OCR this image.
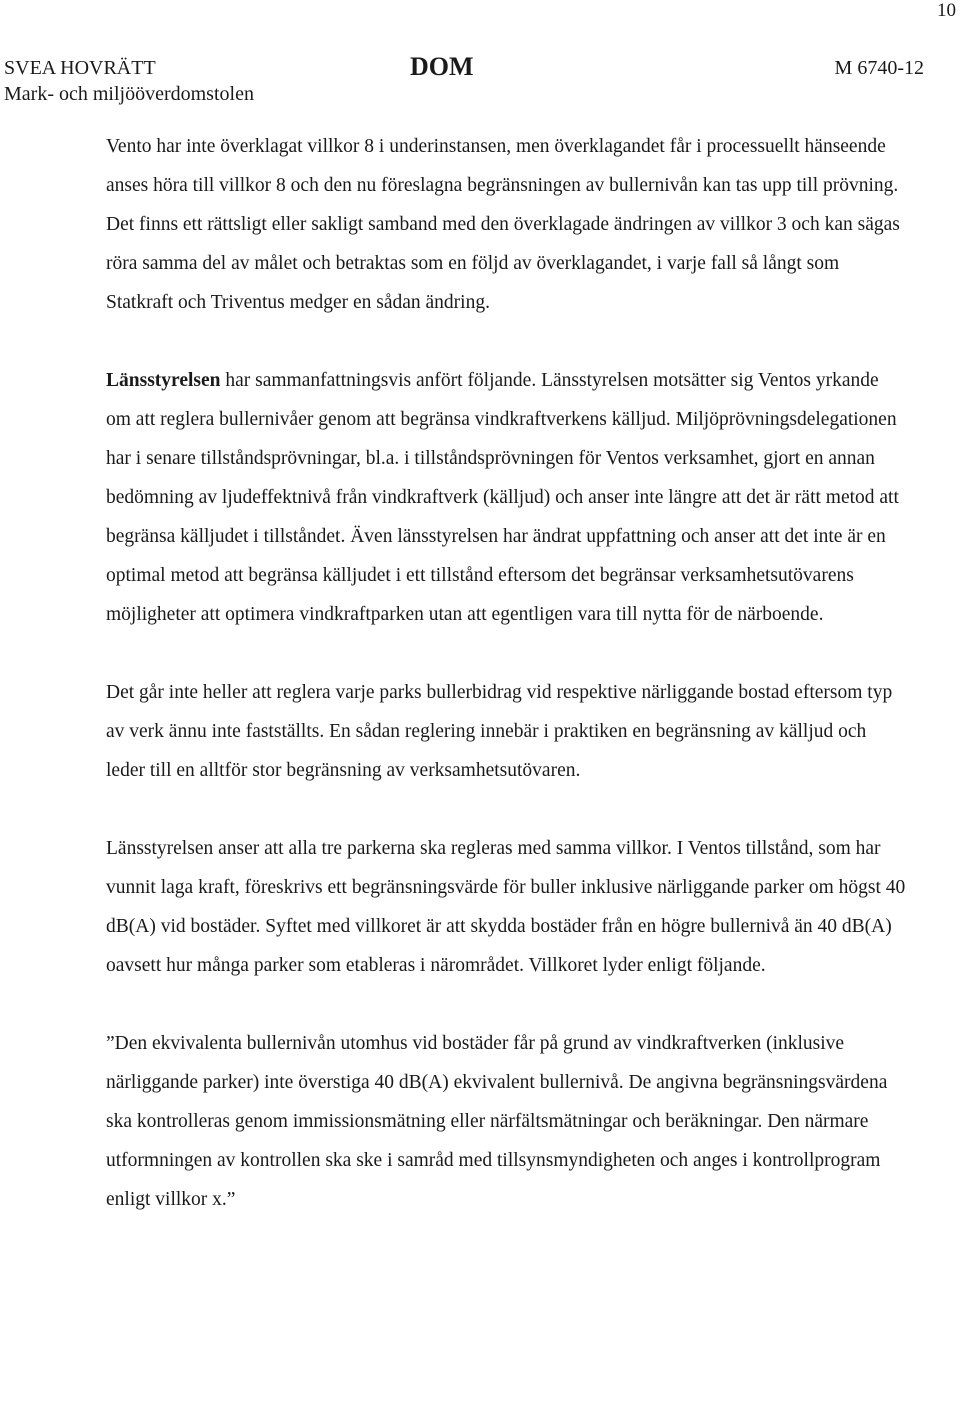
10
SVEA HOVRÄTT
Mark- och miljööverdomstolen
DOM	M 6740-12

Vento har inte överklagat villkor 8 i underinstansen, men överklagandet får i processuellt hänseende anses höra till villkor 8 och den nu föreslagna begränsningen av bullernivån kan tas upp till prövning. Det finns ett rättsligt eller sakligt samband med den överklagade ändringen av villkor 3 och kan sägas röra samma del av målet och betraktas som en följd av överklagandet, i varje fall så långt som Statkraft och Triventus medger en sådan ändring.

Länsstyrelsen har sammanfattningsvis anfört följande. Länsstyrelsen motsätter sig Ventos yrkande om att reglera bullernivåer genom att begränsa vindkraftverkens källjud. Miljöprövningsdelegationen har i senare tillståndsprövningar, bl.a. i tillståndsprövningen för Ventos verksamhet, gjort en annan bedömning av ljudeffektnivå från vindkraftverk (källjud) och anser inte längre att det är rätt metod att begränsa källjudet i tillståndet. Även länsstyrelsen har ändrat uppfattning och anser att det inte är en optimal metod att begränsa källjudet i ett tillstånd eftersom det begränsar verksamhetsutövarens möjligheter att optimera vindkraftparken utan att egentligen vara till nytta för de närboende.

Det går inte heller att reglera varje parks bullerbidrag vid respektive närliggande bostad eftersom typ av verk ännu inte fastställts. En sådan reglering innebär i praktiken en begränsning av källjud och leder till en alltför stor begränsning av verksamhetsutövaren.

Länsstyrelsen anser att alla tre parkerna ska regleras med samma villkor. I Ventos tillstånd, som har vunnit laga kraft, föreskrivs ett begränsningsvärde för buller inklusive närliggande parker om högst 40 dB(A) vid bostäder. Syftet med villkoret är att skydda bostäder från en högre bullernivå än 40 dB(A) oavsett hur många parker som etableras i närområdet. Villkoret lyder enligt följande.

”Den ekvivalenta bullernivån utomhus vid bostäder får på grund av vindkraftverken (inklusive närliggande parker) inte överstiga 40 dB(A) ekvivalent bullernivå. De angivna begränsningsvärdena ska kontrolleras genom immissionsmätning eller närfältsmätningar och beräkningar. Den närmare utformningen av kontrollen ska ske i samråd med tillsynsmyndigheten och anges i kontrollprogram enligt villkor x.”
